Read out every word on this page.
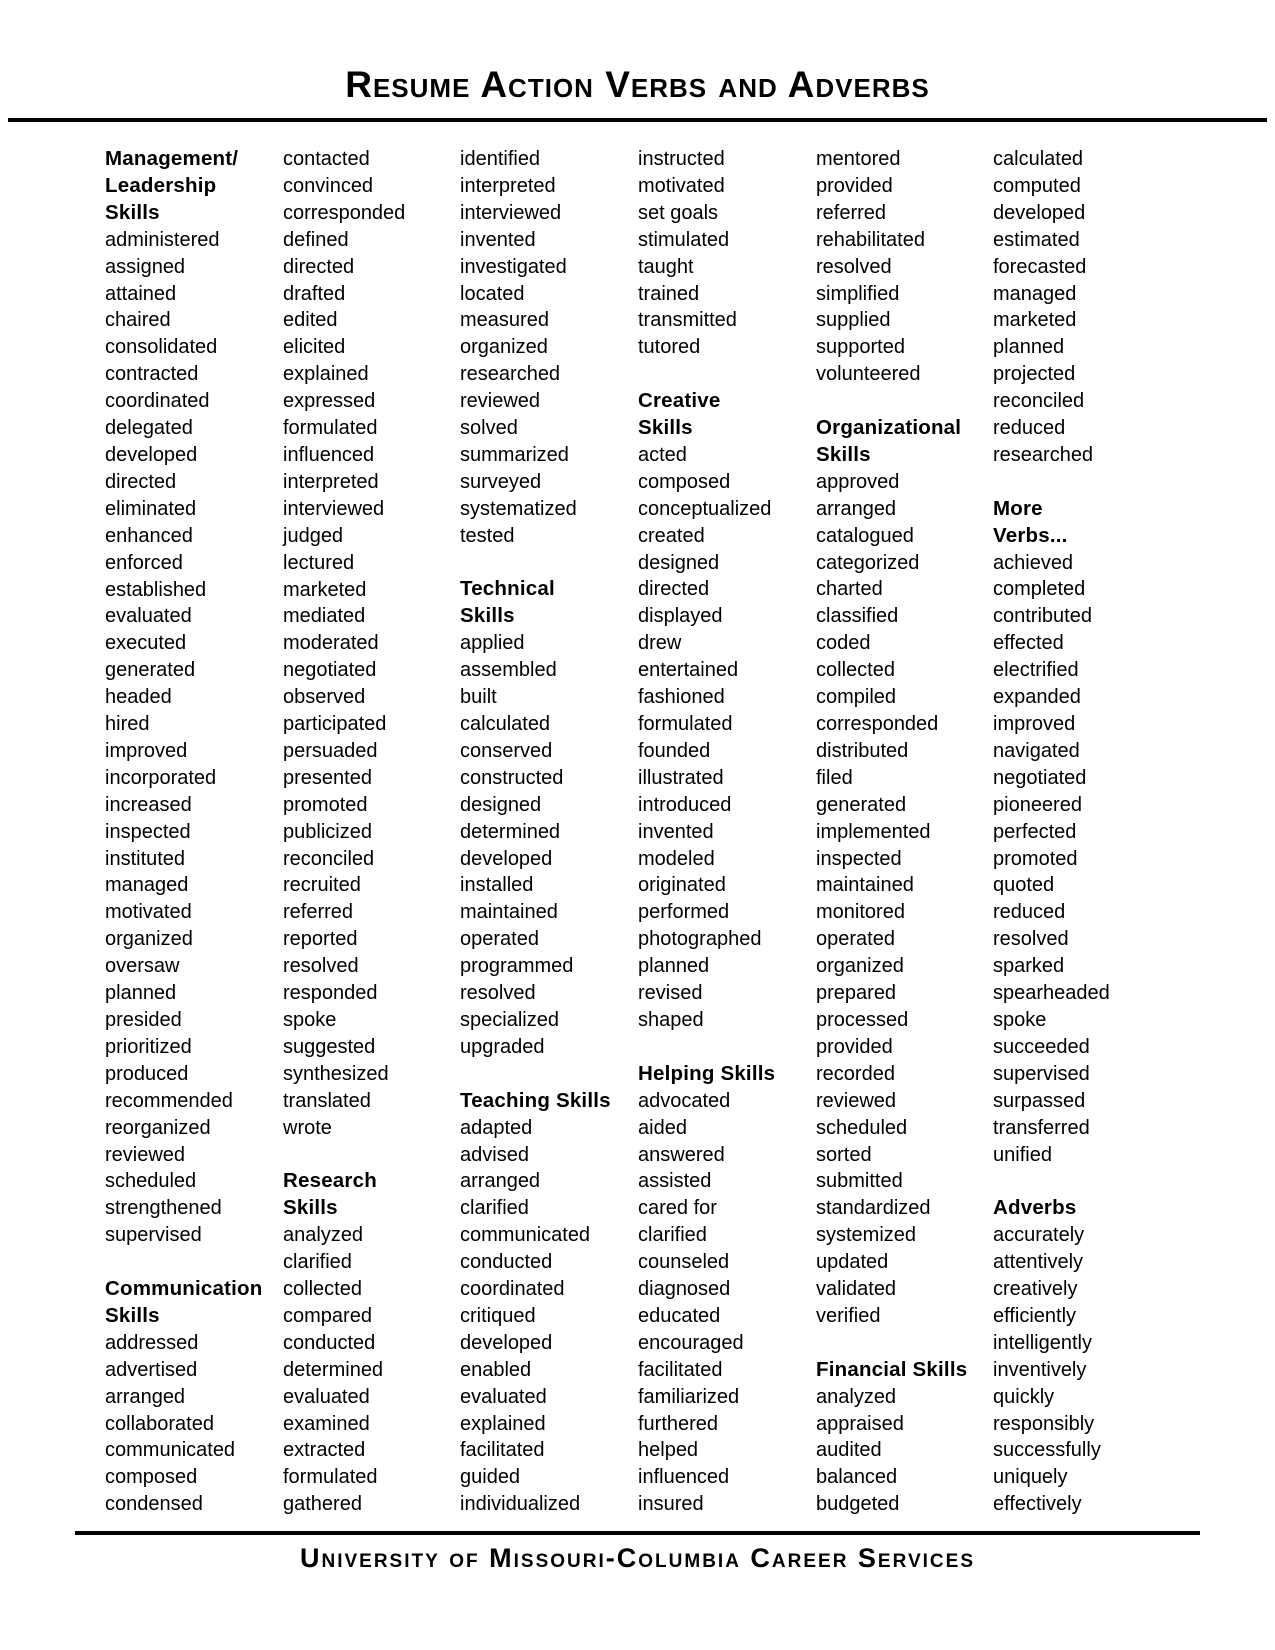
Resume Action Verbs and Adverbs
Management/
Leadership
Skills
administered
assigned
attained
chaired
consolidated
contracted
coordinated
delegated
developed
directed
eliminated
enhanced
enforced
established
evaluated
executed
generated
headed
hired
improved
incorporated
increased
inspected
instituted
managed
motivated
organized
oversaw
planned
presided
prioritized
produced
recommended
reorganized
reviewed
scheduled
strengthened
supervised
Communication
Skills
addressed
advertised
arranged
collaborated
communicated
composed
condensed
contacted
convinced
corresponded
defined
directed
drafted
edited
elicited
explained
expressed
formulated
influenced
interpreted
interviewed
judged
lectured
marketed
mediated
moderated
negotiated
observed
participated
persuaded
presented
promoted
publicized
reconciled
recruited
referred
reported
resolved
responded
spoke
suggested
synthesized
translated
wrote
Research
Skills
analyzed
clarified
collected
compared
conducted
determined
evaluated
examined
extracted
formulated
gathered
identified
interpreted
interviewed
invented
investigated
located
measured
organized
researched
reviewed
solved
summarized
surveyed
systematized
tested
Technical
Skills
applied
assembled
built
calculated
conserved
constructed
designed
determined
developed
installed
maintained
operated
programmed
resolved
specialized
upgraded
Teaching Skills
adapted
advised
arranged
clarified
communicated
conducted
coordinated
critiqued
developed
enabled
evaluated
explained
facilitated
guided
individualized
instructed
motivated
set goals
stimulated
taught
trained
transmitted
tutored
Creative
Skills
acted
composed
conceptualized
created
designed
directed
displayed
drew
entertained
fashioned
formulated
founded
illustrated
introduced
invented
modeled
originated
performed
photographed
planned
revised
shaped
Helping Skills
advocated
aided
answered
assisted
cared for
clarified
counseled
diagnosed
educated
encouraged
facilitated
familiarized
furthered
helped
influenced
insured
mentored
provided
referred
rehabilitated
resolved
simplified
supplied
supported
volunteered
Organizational
Skills
approved
arranged
catalogued
categorized
charted
classified
coded
collected
compiled
corresponded
distributed
filed
generated
implemented
inspected
maintained
monitored
operated
organized
prepared
processed
provided
recorded
reviewed
scheduled
sorted
submitted
standardized
systemized
updated
validated
verified
Financial Skills
analyzed
appraised
audited
balanced
budgeted
calculated
computed
developed
estimated
forecasted
managed
marketed
planned
projected
reconciled
reduced
researched
More
Verbs...
achieved
completed
contributed
effected
electrified
expanded
improved
navigated
negotiated
pioneered
perfected
promoted
quoted
reduced
resolved
sparked
spearheaded
spoke
succeeded
supervised
surpassed
transferred
unified
Adverbs
accurately
attentively
creatively
efficiently
intelligently
inventively
quickly
responsibly
successfully
uniquely
effectively
University of Missouri-Columbia Career Services
